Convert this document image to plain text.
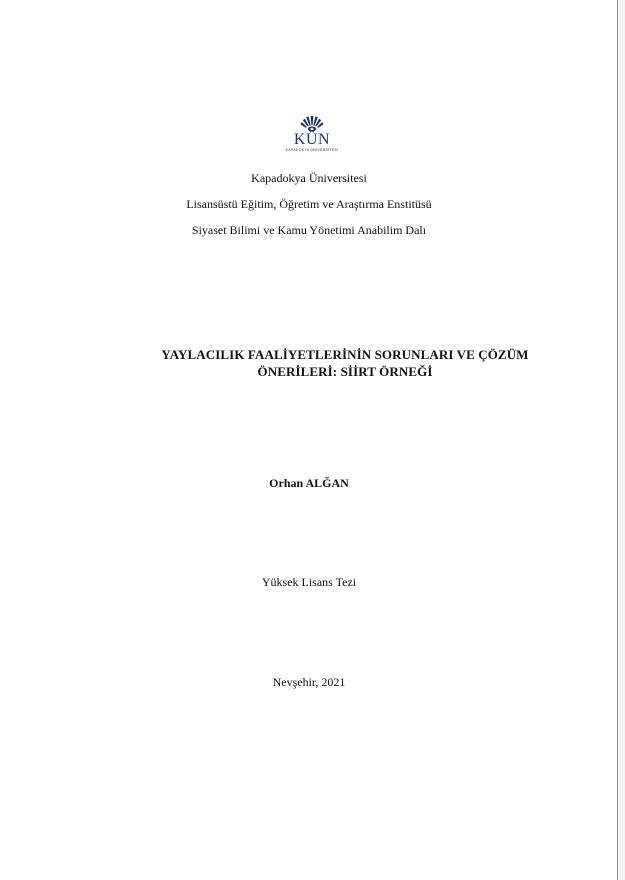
KÜN
KAPADOKYA ÜNİVERSİTESİ
Kapadokya Üniversitesi
Lisansüstü Eğitim, Öğretim ve Araştırma Enstitüsü
Siyaset Bilimi ve Kamu Yönetimi Anabilim Dalı
YAYLACILIK FAALİYETLERİNİN SORUNLARI VE ÇÖZÜM
ÖNERİLERİ: SİİRT ÖRNEĞİ
Orhan ALĞAN
Yüksek Lisans Tezi
Nevşehir, 2021
